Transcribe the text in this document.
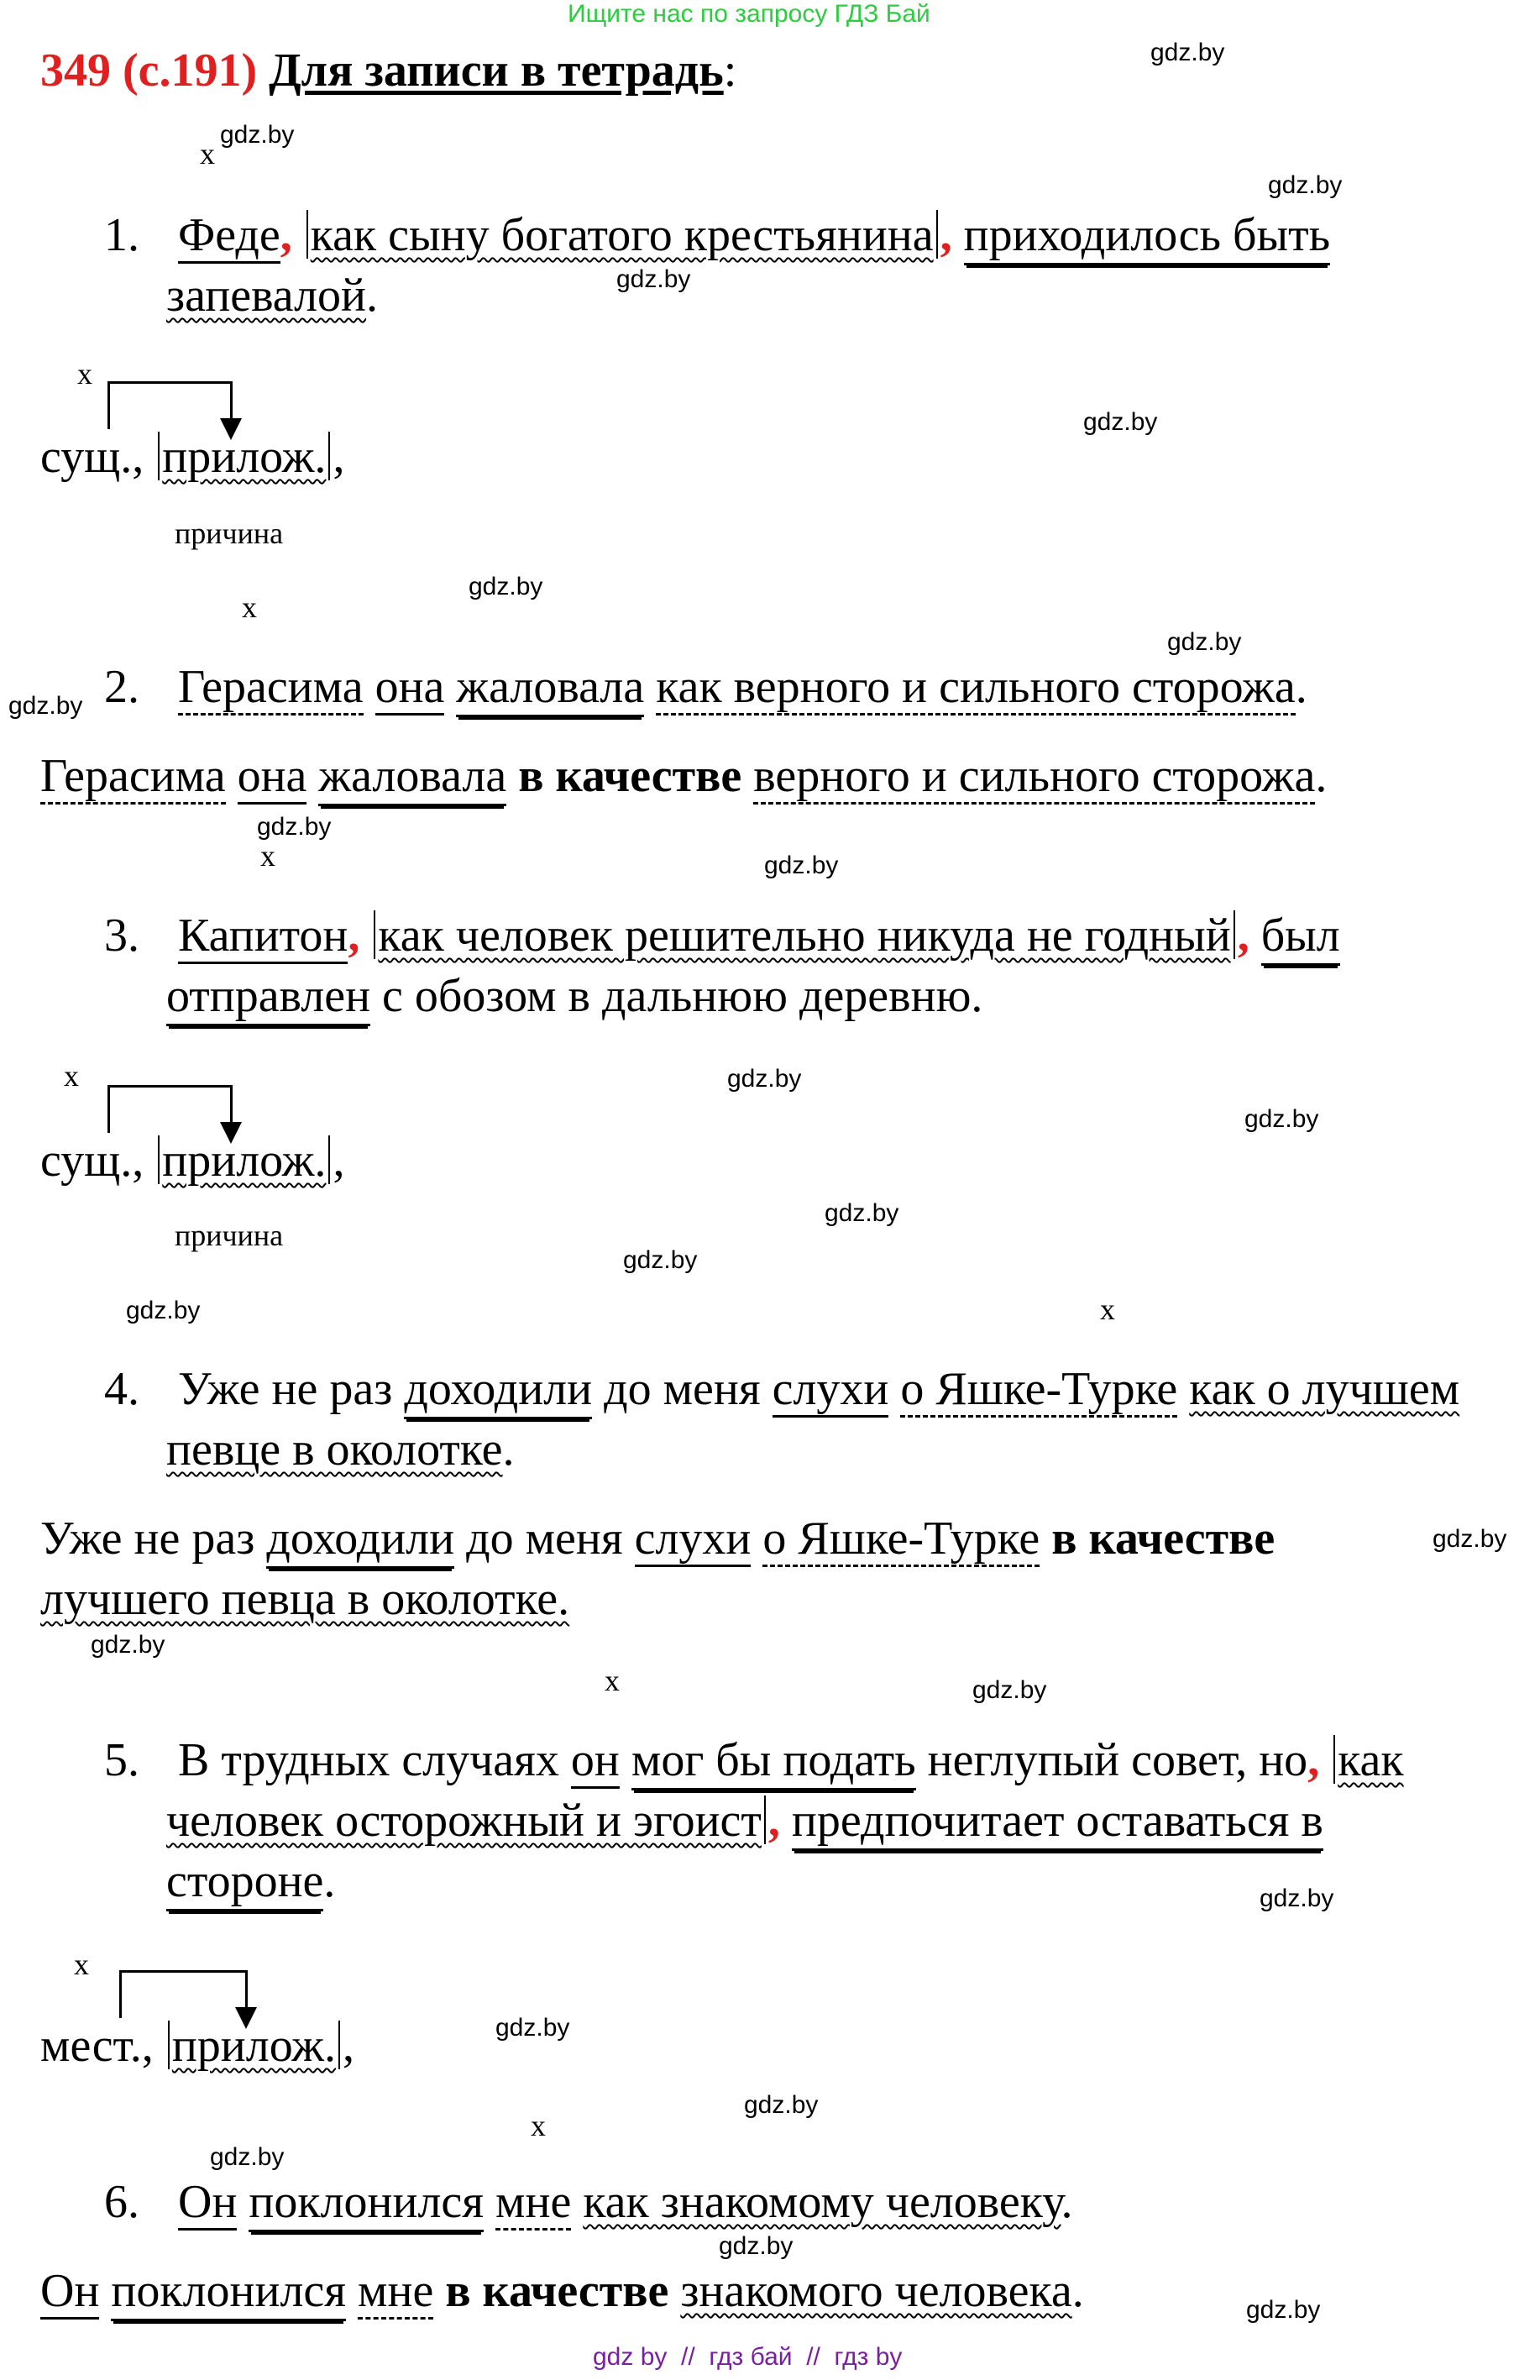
Ищите нас по запросу ГДЗ Бай
349 (с.191) Для записи в тетрадь:	gdz.by
gdz.by
gdz.by
gdz.by
gdz.by
gdz.by
gdz.by
gdz.by
gdz.by
gdz.by
gdz.by
gdz.by
gdz.by
gdz.by
gdz.by
gdz.by
gdz.by
gdz.by
gdz.by
gdz.by
gdz.by
gdz.by
gdz.by
gdz.by
x
x
x
x
x
x
x
x
x
1. Феде, как сыну богатого крестьянина , приходилось быть
запевалой.
сущ., прилож. ,
причина
2. Герасима она жаловала как верного и сильного сторожа.
Герасима она жаловала в качестве верного и сильного сторожа.
3. Капитон, как человек решительно никуда не годный , был
отправлен с обозом в дальнюю деревню.
сущ., прилож. ,
причина
4. Уже не раз доходили до меня слухи о Яшке-Турке как о лучшем
певце в околотке.
Уже не раз доходили до меня слухи о Яшке-Турке в качестве
лучшего певца в околотке.
5. В трудных случаях он мог бы подать неглупый совет, но, как
человек осторожный и эгоист , предпочитает оставаться в
стороне.
мест., прилож. ,
6. Он поклонился мне как знакомому человеку.
Он поклонился мне в качестве знакомого человека.
gdz by  //  гдз бай  //  гдз by
